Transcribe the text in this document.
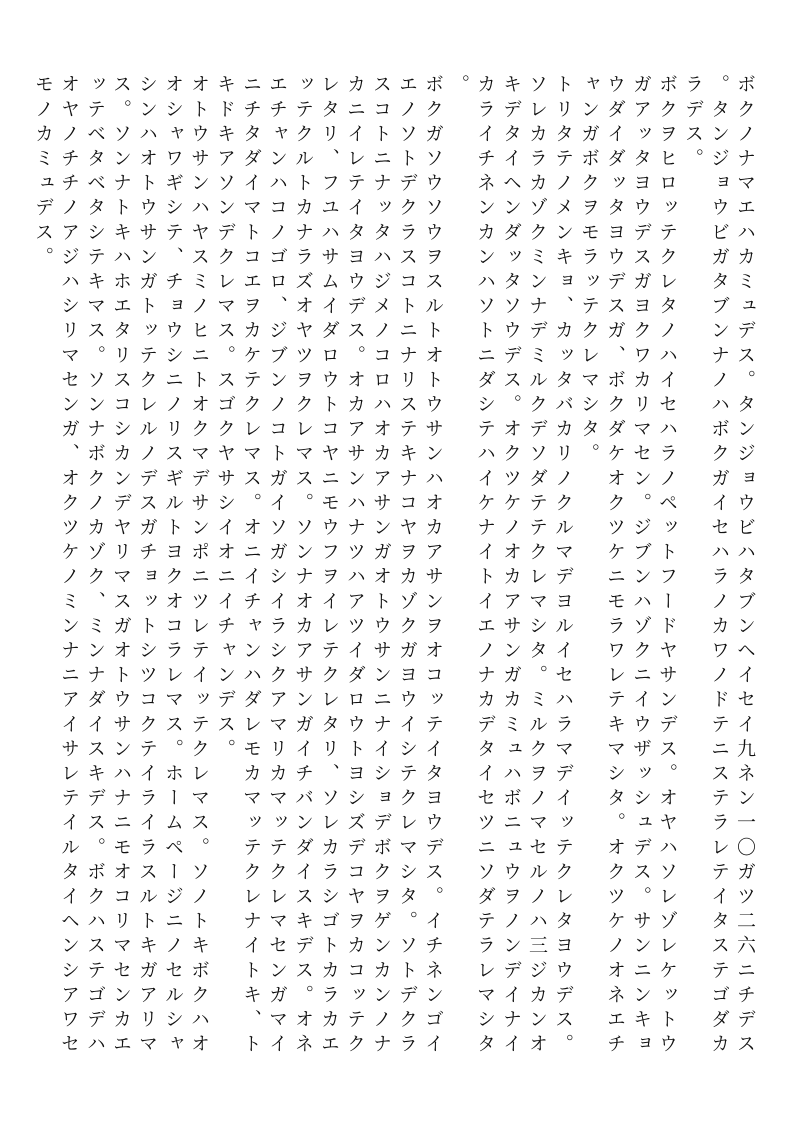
ボクノナマエハカミュデス。タンジョウビハタブンヘイセイ九ネン一〇ガツ二六ニチデス。タンジョウビガタブンナノハボクガイセハラノカワノドテニステラレテイタステゴダカラデス。

ボクヲヒロッテクレタノハイセハラノペットフードヤサンデス。オヤハソレゾレケットウガアッタヨウデスガヨクワカリマセン。ジブンハゾクニイウザッシュデス。サンニンキョウダイダッタヨウデスガ、ボクダケオクツケニモラワレテキマシタ。オクツケノオネエチャンガボクヲモラッテクレマシタ。

トリタテノメンキョ、カッタバカリノクルマデヨルイセハラマデイッテクレタヨウデス。ソレカラカゾクミンナデミルクデソダテテクレマシタ。ミルクヲノマセルノハ三ジカンオキデタイヘンダッタソウデス。オクツケノオカアサンガカミュハボニュウヲノンデイナイカライチネンカンハソトニダシテハイケナイトイエノナカデタイセツニソダテラレマシタ。

ボクガソウソウヲスルトオトウサンハオカアサンヲオコッテイタヨウデス。イチネンゴイエノソトデクラスコトニナリステキナコヤヲカゾクガヨウイシテクレマシタ。ソトデクラスコトニナッタハジメノコロハオカアサンガオトウサンニナイショデボクヲゲンカンノナカニイレテイタヨウデス。オカアサンハナツハアツイダロウトヨシズデコヤヲカコッテクレタリ、フユハサムイダロウトコヤニモウフヲイレテクレタリ、ソレカラシゴトカラカエッテクルトカナラズオヤツヲクレマス。ソンナオカアサンガイチバンダイスキデス。オネエチャンハコノゴロ、ジブンノコトガイソガシイラシクアマリカマッテクレマセンガマイニチタダイマトコエヲカケテクレマス。オニイチャンハダレモカマッテクレナイトキ、トキドキアソンデクレマス。スゴクヤサシイオニイチャンデス。

オトウサンハヤスミノヒニトオクマデサンポニツレテイッテクレマス。ソノトキボクハオオシャワギシテ、チョウシニノリスギルトヨクオコラレマス。ホームページニノセルシャシンハオトウサンガトッテクレルノデスガチョットシツコクテイライラスルトキガアリマス。ソンナトキハホエタリスコシカンデヤリマスガオトウサンハナニモオコリマセンカエッテベタベタシテキマス。ソンナボクノカゾク、ミンナダイスキデス。ボクハステゴデハオヤノチチノアジハシリマセンガ、オクツケノミンナニアイサレテイルタイヘンシアワセモノカミュデス。
